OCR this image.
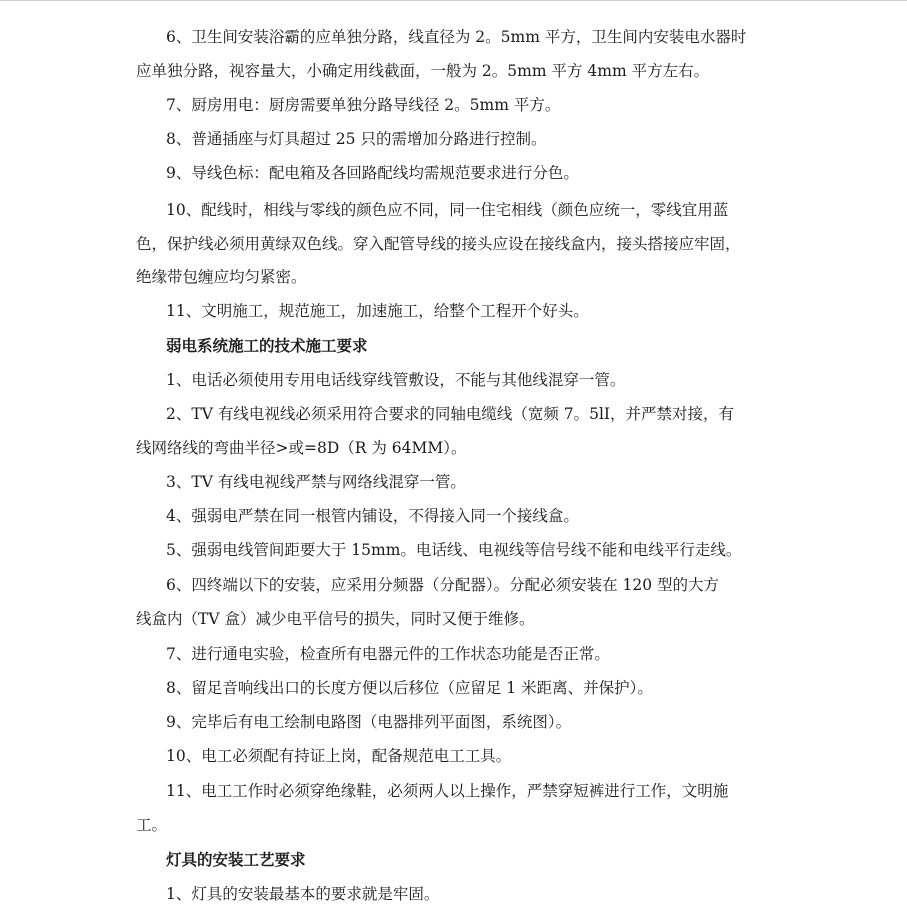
6、卫生间安装浴霸的应单独分路，线直径为 2。5mm 平方，卫生间内安装电水器时
应单独分路，视容量大，小确定用线截面，一般为 2。5mm 平方 4mm 平方左右。
7、厨房用电：厨房需要单独分路导线径 2。5mm 平方。
8、普通插座与灯具超过 25 只的需增加分路进行控制。
9、导线色标：配电箱及各回路配线均需规范要求进行分色。
10、配线时，相线与零线的颜色应不同，同一住宅相线（颜色应统一，零线宜用蓝
色，保护线必须用黄绿双色线。穿入配管导线的接头应设在接线盒内，接头搭接应牢固，
绝缘带包缠应均匀紧密。
11、文明施工，规范施工，加速施工，给整个工程开个好头。
弱电系统施工的技术施工要求
1、电话必须使用专用电话线穿线管敷设，不能与其他线混穿一管。
2、TV 有线电视线必须采用符合要求的同轴电缆线（宽频 7。5lI，并严禁对接，有
线网络线的弯曲半径>或=8D（R 为 64MM）。
3、TV 有线电视线严禁与网络线混穿一管。
4、强弱电严禁在同一根管内铺设，不得接入同一个接线盒。
5、强弱电线管间距要大于 15mm。电话线、电视线等信号线不能和电线平行走线。
6、四终端以下的安装，应采用分频器（分配器）。分配必须安装在 120 型的大方
线盒内（TV 盒）减少电平信号的损失，同时又便于维修。
7、进行通电实验，检查所有电器元件的工作状态功能是否正常。
8、留足音响线出口的长度方便以后移位（应留足 1 米距离、并保护）。
9、完毕后有电工绘制电路图（电器排列平面图，系统图）。
10、电工必须配有持证上岗，配备规范电工工具。
11、电工工作时必须穿绝缘鞋，必须两人以上操作，严禁穿短裤进行工作，文明施
工。
灯具的安装工艺要求
1、灯具的安装最基本的要求就是牢固。
